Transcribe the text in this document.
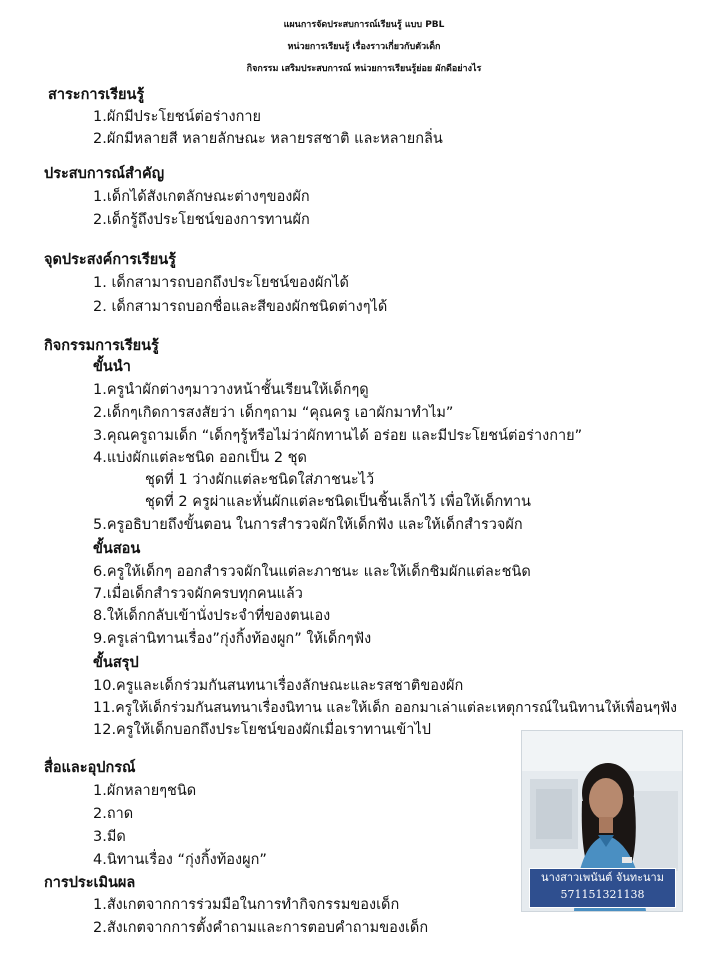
แผนการจัดประสบการณ์เรียนรู้ แบบ PBL
หน่วยการเรียนรู้ เรื่องราวเกี่ยวกับตัวเด็ก
กิจกรรม เสริมประสบการณ์ หน่วยการเรียนรู้ย่อย ผักดีอย่างไร
สาระการเรียนรู้
1.ผักมีประโยชน์ต่อร่างกาย
2.ผักมีหลายสี หลายลักษณะ หลายรสชาติ และหลายกลิ่น
ประสบการณ์สำคัญ
1.เด็กได้สังเกตลักษณะต่างๆของผัก
2.เด็กรู้ถึงประโยชน์ของการทานผัก
จุดประสงค์การเรียนรู้
1. เด็กสามารถบอกถึงประโยชน์ของผักได้
2. เด็กสามารถบอกชื่อและสีของผักชนิดต่างๆได้
กิจกรรมการเรียนรู้
ขั้นนำ
1.ครูนำผักต่างๆมาวางหน้าชั้นเรียนให้เด็กๆดู
2.เด็กๆเกิดการสงสัยว่า เด็กๆถาม “คุณครู เอาผักมาทำไม”
3.คุณครูถามเด็ก “เด็กๆรู้หรือไม่ว่าผักทานได้ อร่อย และมีประโยชน์ต่อร่างกาย”
4.แบ่งผักแต่ละชนิด ออกเป็น 2 ชุด
ชุดที่ 1 ว่างผักแต่ละชนิดใส่ภาชนะไว้
ชุดที่ 2 ครูผ่าและหั่นผักแต่ละชนิดเป็นชิ้นเล็กไว้ เพื่อให้เด็กทาน
5.ครูอธิบายถึงขั้นตอน ในการสำรวจผักให้เด็กฟัง และให้เด็กสำรวจผัก
ขั้นสอน
6.ครูให้เด็กๆ ออกสำรวจผักในแต่ละภาชนะ และให้เด็กชิมผักแต่ละชนิด
7.เมื่อเด็กสำรวจผักครบทุกคนแล้ว
8.ให้เด็กกลับเข้านั่งประจำที่ของตนเอง
9.ครูเล่านิทานเรื่อง”กุ่งกิ้งท้องผูก” ให้เด็กๆฟัง
ขั้นสรุป
10.ครูและเด็กร่วมกันสนทนาเรื่องลักษณะและรสชาติของผัก
11.ครูให้เด็กร่วมกันสนทนาเรื่องนิทาน และให้เด็ก ออกมาเล่าแต่ละเหตุการณ์ในนิทานให้เพื่อนๆฟัง
12.ครูให้เด็กบอกถึงประโยชน์ของผักเมื่อเราทานเข้าไป
สื่อและอุปกรณ์
1.ผักหลายๆชนิด
2.ถาด
3.มีด
4.นิทานเรื่อง “กุ่งกิ้งท้องผูก”
การประเมินผล
1.สังเกตจากการร่วมมือในการทำกิจกรรมของเด็ก
2.สังเกตจากการตั้งคำถามและการตอบคำถามของเด็ก
นางสาวเพนันต์ จันทะนาม
571151321138
